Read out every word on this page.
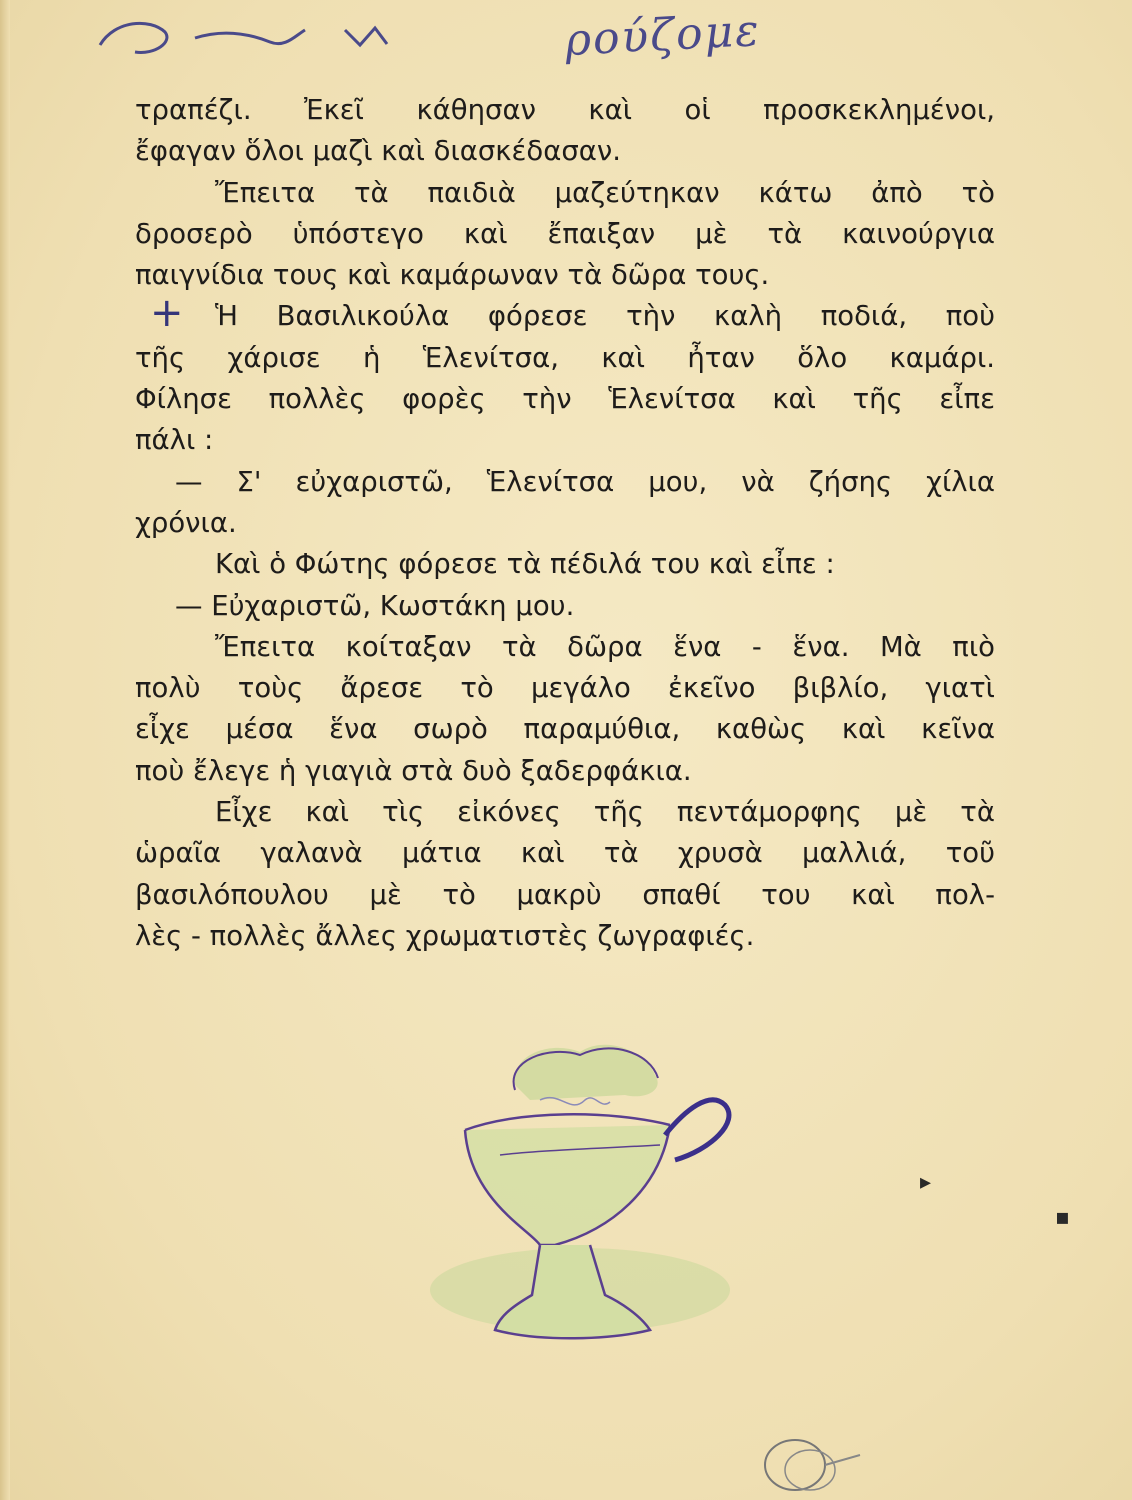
ρούζομε
+
τραπέζι. Ἐκεῖ κάθησαν καὶ οἱ προσκεκλημένοι,
ἔφαγαν ὅλοι μαζὶ καὶ διασκέδασαν.
Ἔπειτα τὰ παιδιὰ μαζεύτηκαν κάτω ἀπὸ τὸ
δροσερὸ ὑπόστεγο καὶ ἔπαιξαν μὲ τὰ καινούργια
παιγνίδια τους καὶ καμάρωναν τὰ δῶρα τους.
Ἡ Βασιλικούλα φόρεσε τὴν καλὴ ποδιά, ποὺ
τῆς χάρισε ἡ Ἑλενίτσα, καὶ ἦταν ὅλο καμάρι.
Φίλησε πολλὲς φορὲς τὴν Ἑλενίτσα καὶ τῆς εἶπε
πάλι :
— Σ' εὐχαριστῶ, Ἑλενίτσα μου, νὰ ζήσης χίλια
χρόνια.
Καὶ ὁ Φώτης φόρεσε τὰ πέδιλά του καὶ εἶπε :
— Εὐχαριστῶ, Κωστάκη μου.
Ἔπειτα κοίταξαν τὰ δῶρα ἕνα - ἕνα. Μὰ πιὸ
πολὺ τοὺς ἄρεσε τὸ μεγάλο ἐκεῖνο βιβλίο, γιατὶ
εἶχε μέσα ἕνα σωρὸ παραμύθια, καθὼς καὶ κεῖνα
ποὺ ἔλεγε ἡ γιαγιὰ στὰ δυὸ ξαδερφάκια.
Εἶχε καὶ τὶς εἰκόνες τῆς πεντάμορφης μὲ τὰ
ὡραῖα γαλανὰ μάτια καὶ τὰ χρυσὰ μαλλιά, τοῦ
βασιλόπουλου μὲ τὸ μακρὺ σπαθί του καὶ πολ-
λὲς - πολλὲς ἄλλες χρωματιστὲς ζωγραφιές.
▸
▪
